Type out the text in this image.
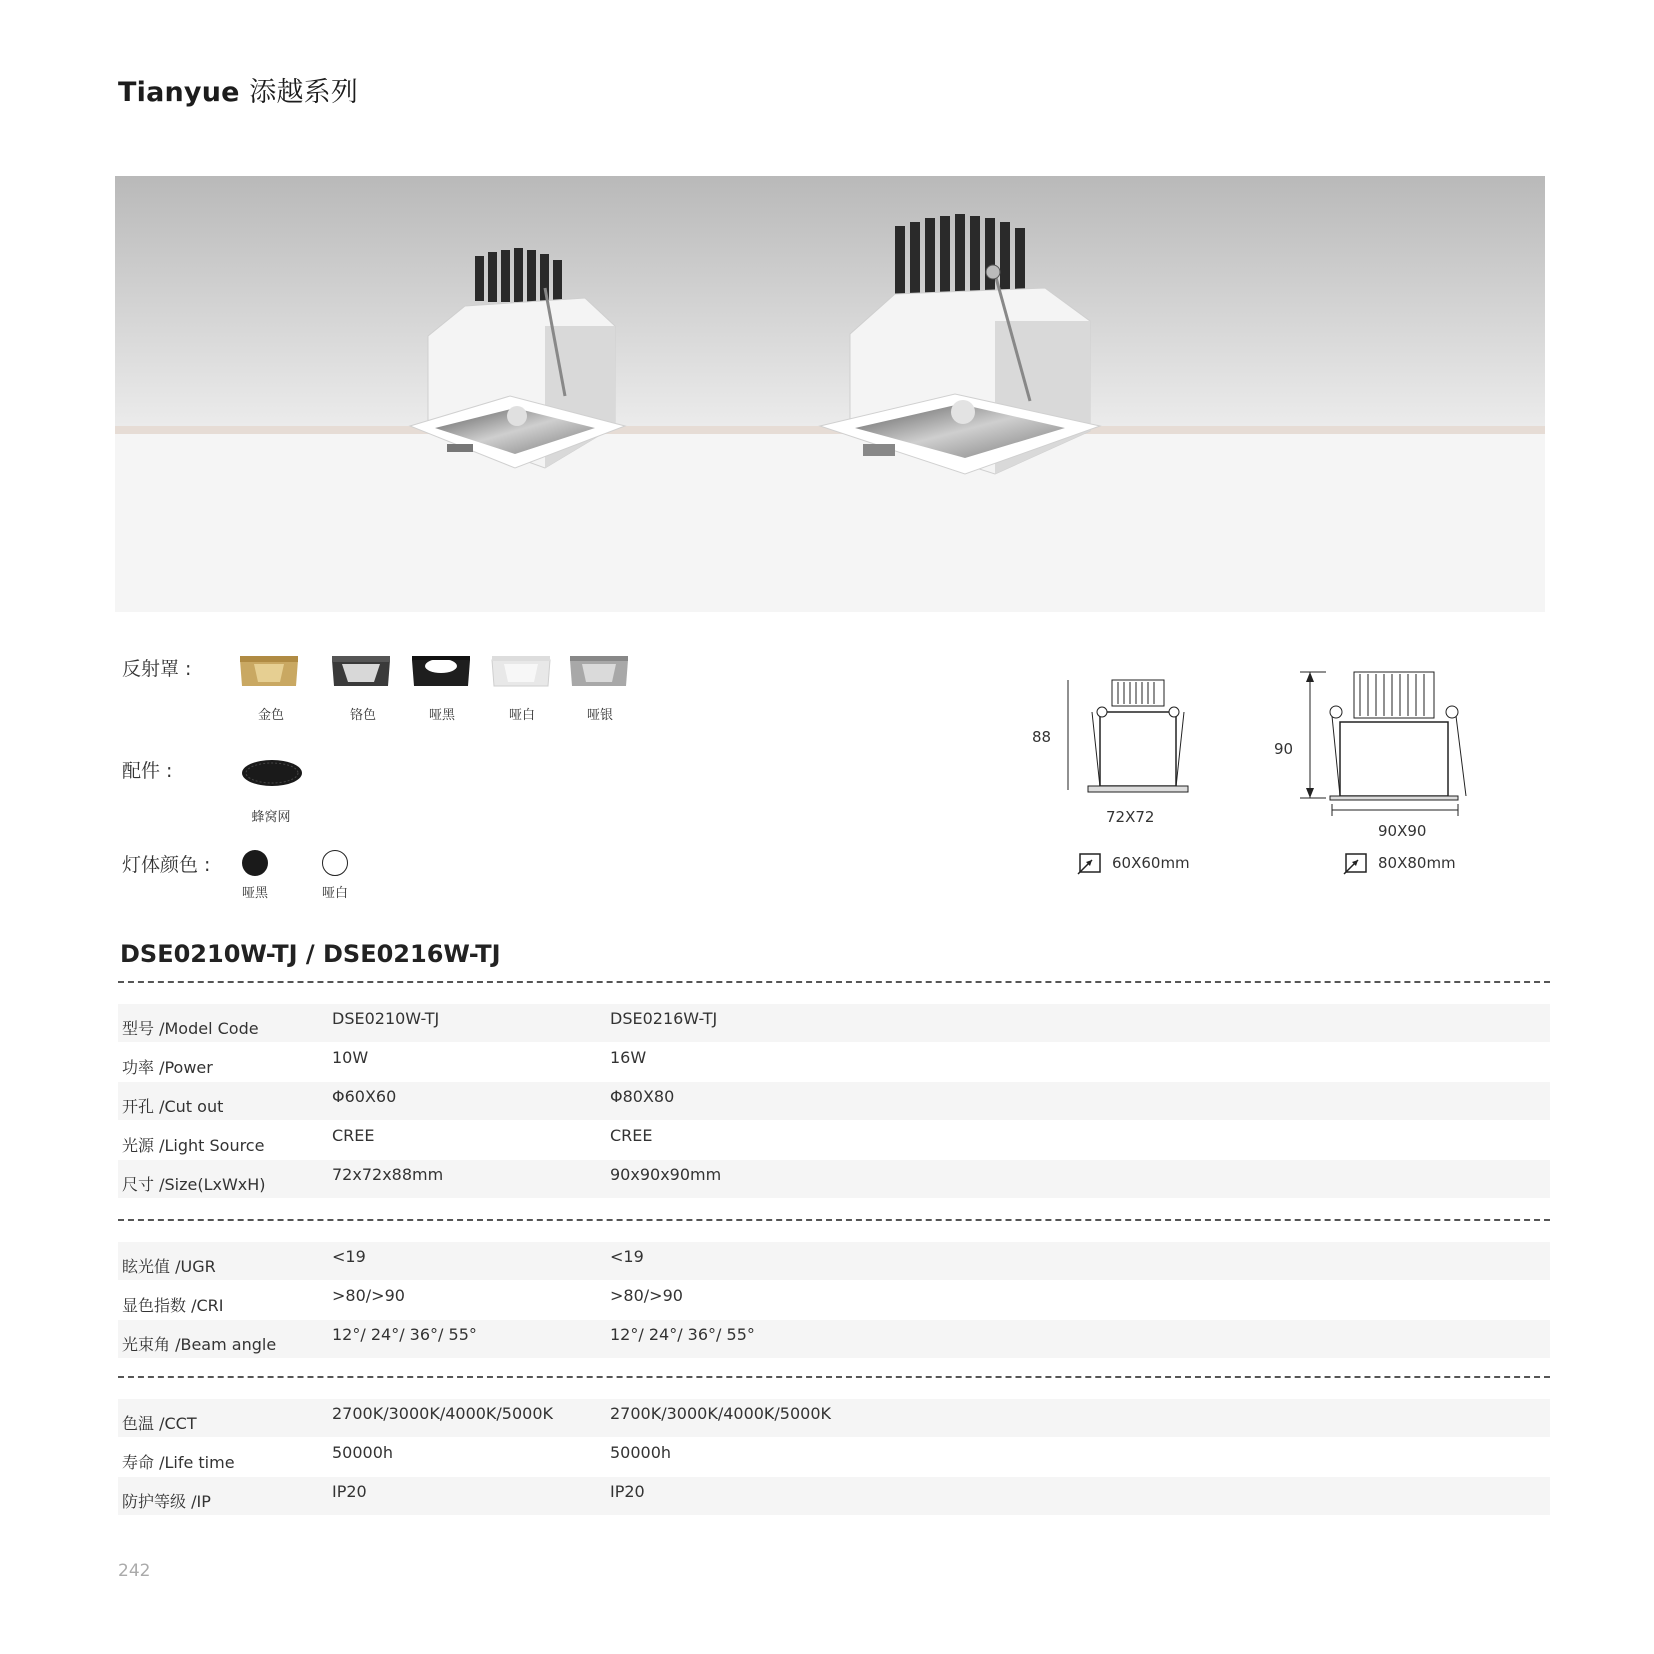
Tianyue 添越系列
反射罩 :
金色	铬色	哑黑	哑白	哑银
配件 :
蜂窝网
灯体颜色 :
哑黑	哑白
88
72X72
90
90X90
60X60mm	80X80mm
DSE0210W-TJ / DSE0216W-TJ
型号 /Model Code
DSE0210W-TJ	DSE0216W-TJ
功率 /Power
10W	16W
开孔 /Cut out
Φ60X60	Φ80X80
光源 /Light Source
CREE	CREE
尺寸 /Size(LxWxH)
72x72x88mm	90x90x90mm
眩光值 /UGR
<19	<19
显色指数 /CRI
>80/>90	>80/>90
光束角 /Beam angle
12°/ 24°/ 36°/ 55°	12°/ 24°/ 36°/ 55°
色温 /CCT
2700K/3000K/4000K/5000K	2700K/3000K/4000K/5000K
寿命 /Life time
50000h	50000h
防护等级 /IP
IP20	IP20
242
